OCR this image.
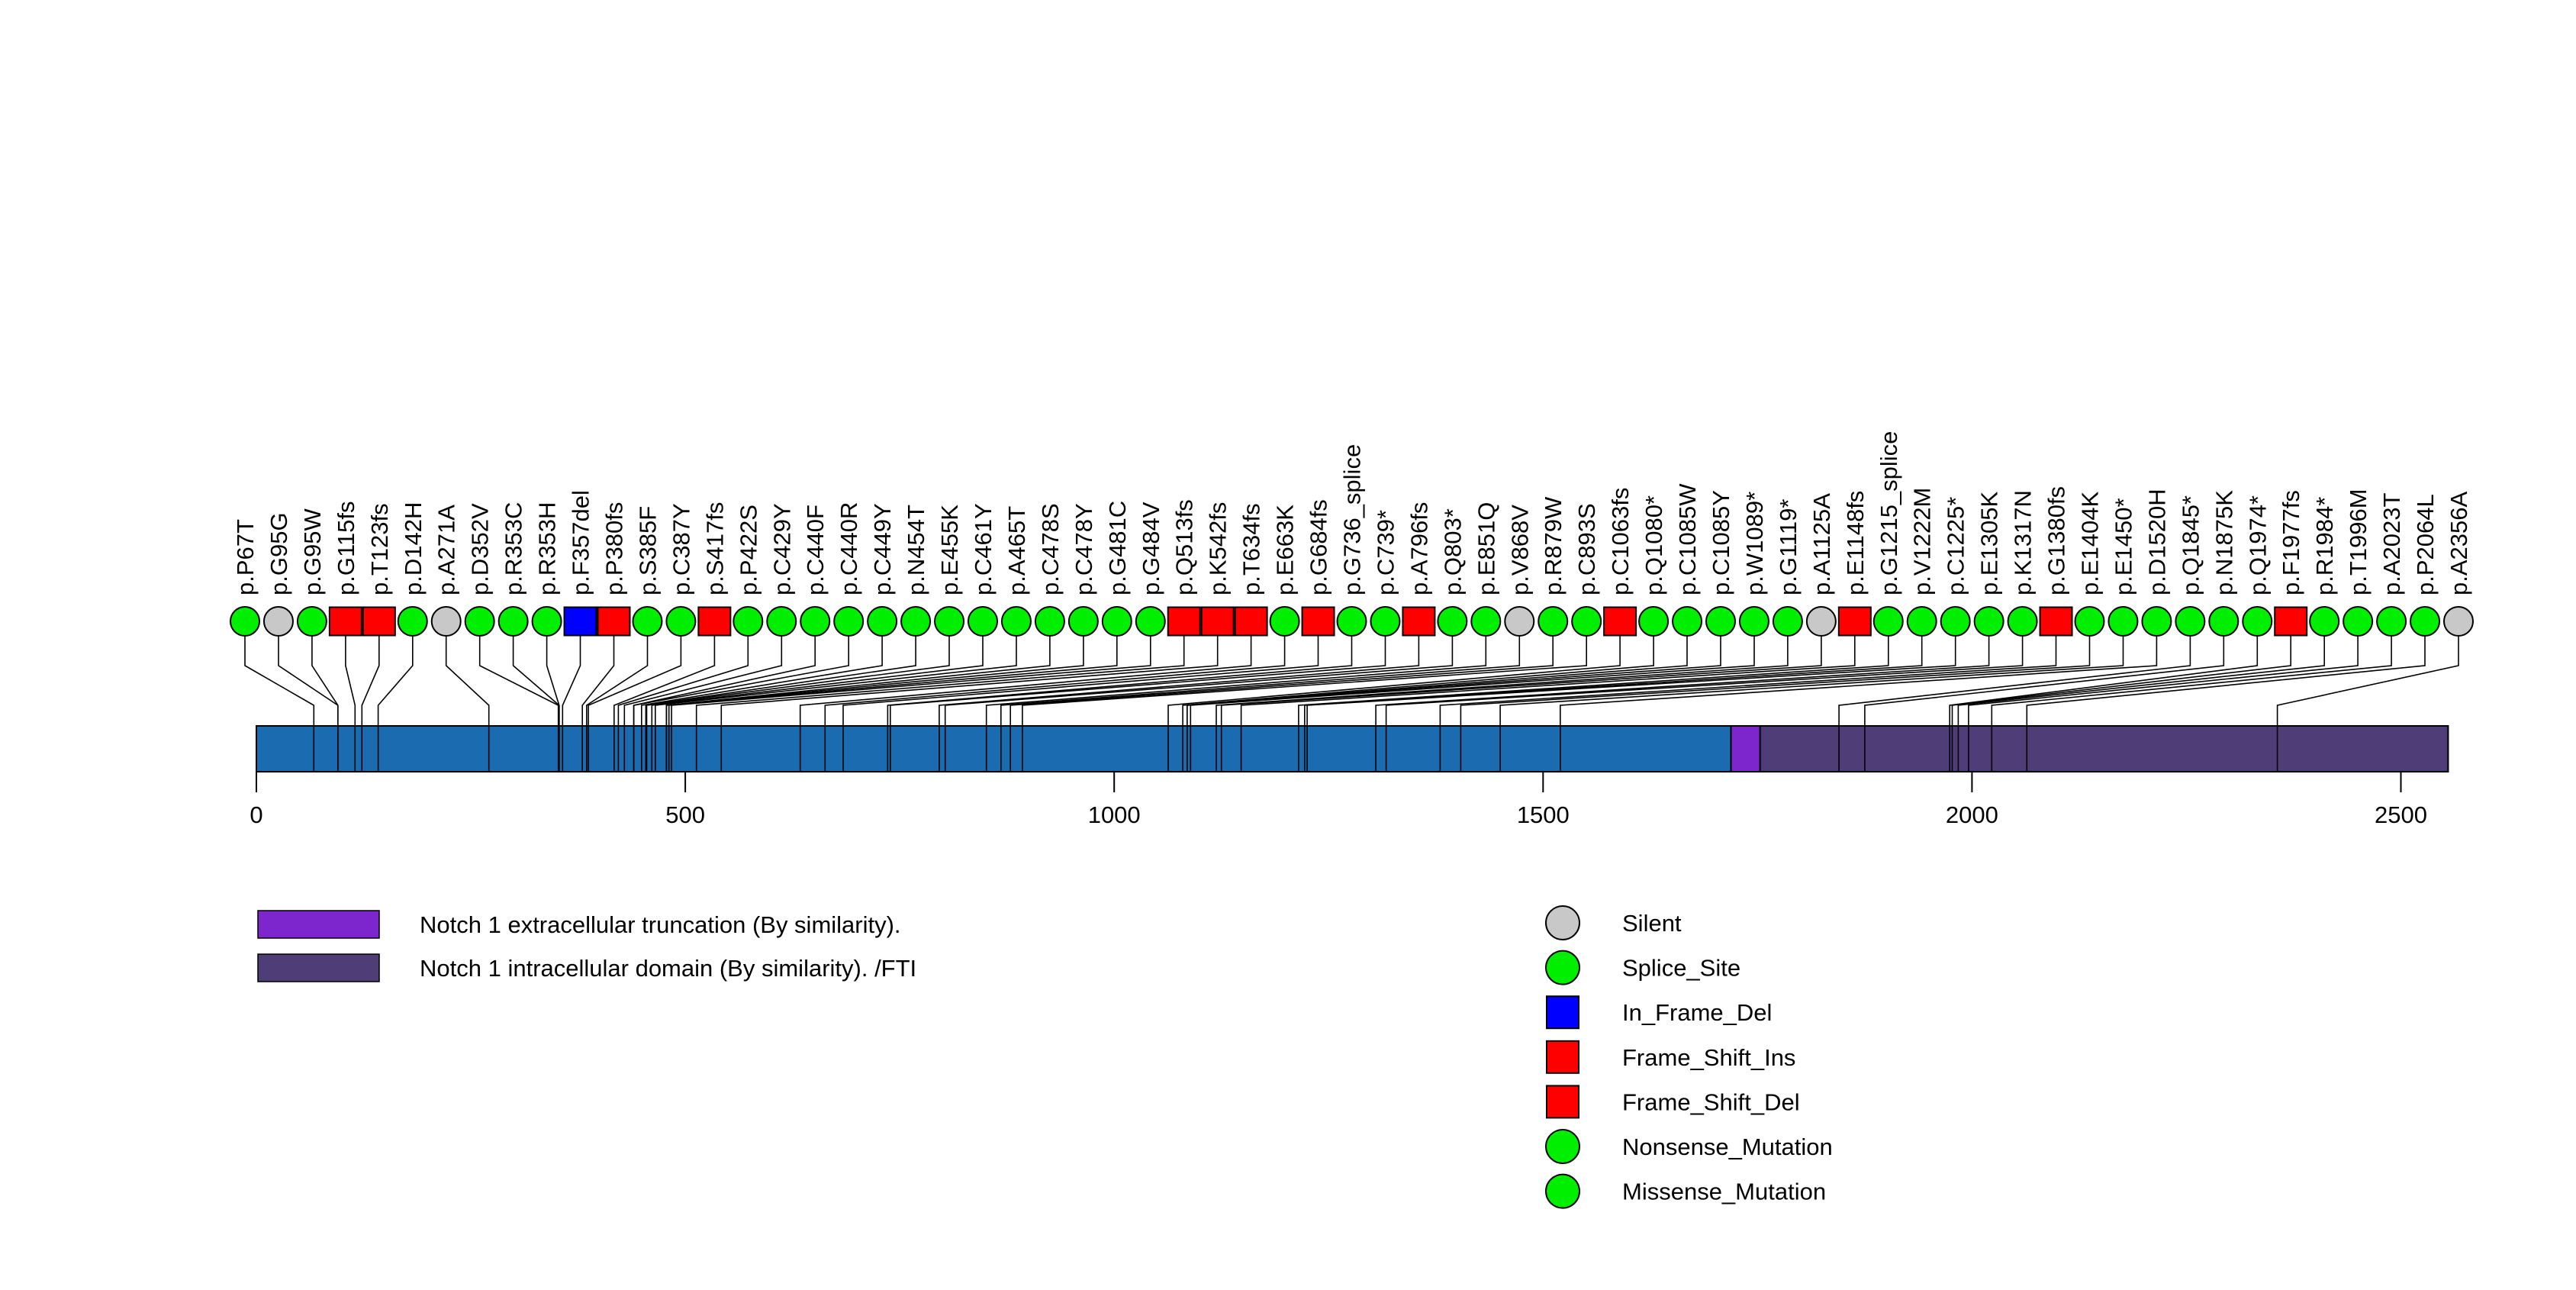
0	500	1000	1500	2000	2500
p.P67T p.G95G p.G95W p.G115fs p.T123fs p.D142H p.A271A p.D352V p.R353C p.R353H p.F357del p.P380fs p.S385F p.C387Y p.S417fs p.P422S p.C429Y p.C440F p.C440R p.C449Y p.N454T p.E455K p.C461Y p.A465T p.C478S p.C478Y p.G481C p.G484V p.Q513fs p.K542fs p.T634fs p.E663K p.G684fs p.G736_splice p.C739* p.A796fs p.Q803* p.E851Q p.V868V p.R879W p.C893S p.C1063fs p.Q1080* p.C1085W p.C1085Y p.W1089* p.G1119* p.A1125A p.E1148fs p.G1215_splice p.V1222M p.C1225* p.E1305K p.K1317N p.G1380fs p.E1404K p.E1450* p.D1520H p.Q1845* p.N1875K p.Q1974* p.F1977fs p.R1984* p.T1996M p.A2023T p.P2064L p.A2356A
Notch 1 extracellular truncation (By similarity).
Notch 1 intracellular domain (By similarity). /FTI
Silent
Splice_Site
In_Frame_Del
Frame_Shift_Ins
Frame_Shift_Del
Nonsense_Mutation
Missense_Mutation
